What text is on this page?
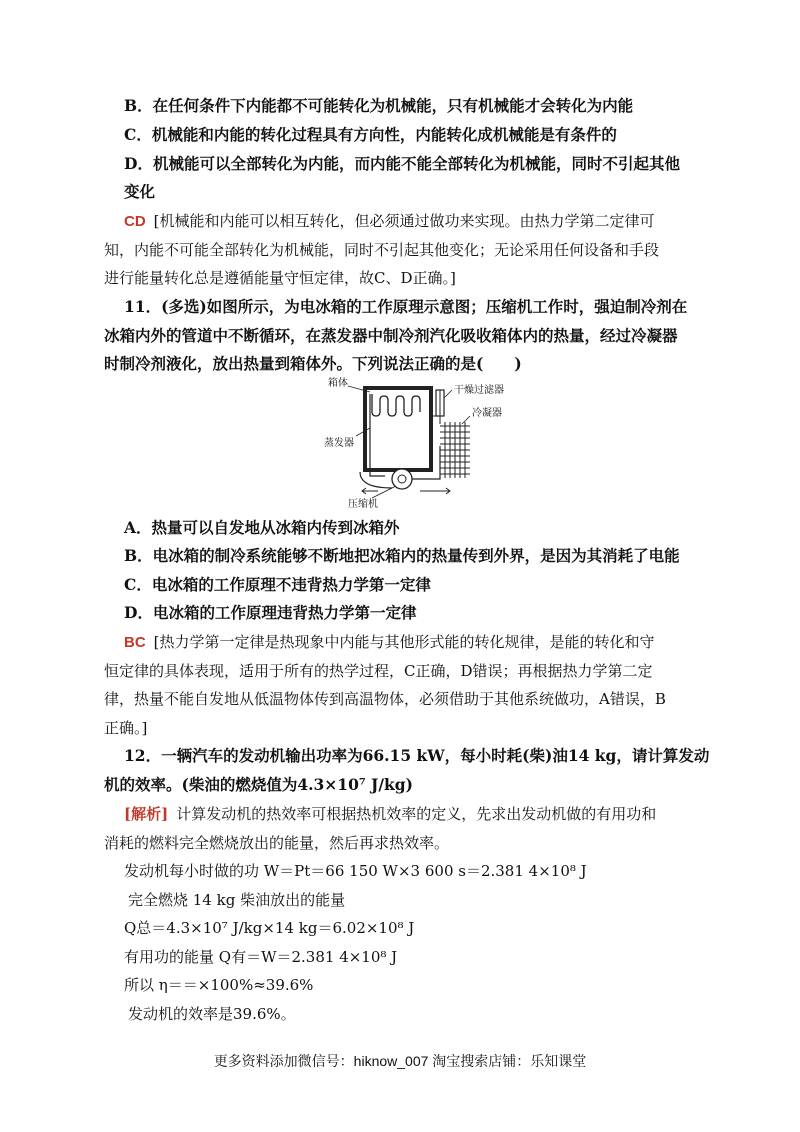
B．在任何条件下内能都不可能转化为机械能，只有机械能才会转化为内能
C．机械能和内能的转化过程具有方向性，内能转化成机械能是有条件的
D．机械能可以全部转化为内能，而内能不能全部转化为机械能，同时不引起其他
变化
CD [机械能和内能可以相互转化，但必须通过做功来实现。由热力学第二定律可
知，内能不可能全部转化为机械能，同时不引起其他变化；无论采用任何设备和手段
进行能量转化总是遵循能量守恒定律，故C、D正确。]
11．(多选)如图所示，为电冰箱的工作原理示意图；压缩机工作时，强迫制冷剂在
冰箱内外的管道中不断循环，在蒸发器中制冷剂汽化吸收箱体内的热量，经过冷凝器
时制冷剂液化，放出热量到箱体外。下列说法正确的是(　　)
箱体
干燥过滤器
冷凝器
蒸发器
压缩机
A．热量可以自发地从冰箱内传到冰箱外
B．电冰箱的制冷系统能够不断地把冰箱内的热量传到外界，是因为其消耗了电能
C．电冰箱的工作原理不违背热力学第一定律
D．电冰箱的工作原理违背热力学第一定律
BC [热力学第一定律是热现象中内能与其他形式能的转化规律，是能的转化和守
恒定律的具体表现，适用于所有的热学过程，C正确，D错误；再根据热力学第二定
律，热量不能自发地从低温物体传到高温物体，必须借助于其他系统做功，A错误，B
正确。]
12．一辆汽车的发动机输出功率为66.15 kW，每小时耗(柴)油14 kg，请计算发动
机的效率。(柴油的燃烧值为4.3×10⁷ J/kg)
[解析] 计算发动机的热效率可根据热机效率的定义，先求出发动机做的有用功和
消耗的燃料完全燃烧放出的能量，然后再求热效率。
发动机每小时做的功 W＝Pt＝66 150 W×3 600 s＝2.381 4×10⁸ J
完全燃烧 14 kg 柴油放出的能量
Q总＝4.3×10⁷ J/kg×14 kg＝6.02×10⁸ J
有用功的能量 Q有＝W＝2.381 4×10⁸ J
所以 η＝＝×100%≈39.6%
发动机的效率是39.6%。
更多资料添加微信号：hiknow_007 淘宝搜索店铺：乐知课堂
